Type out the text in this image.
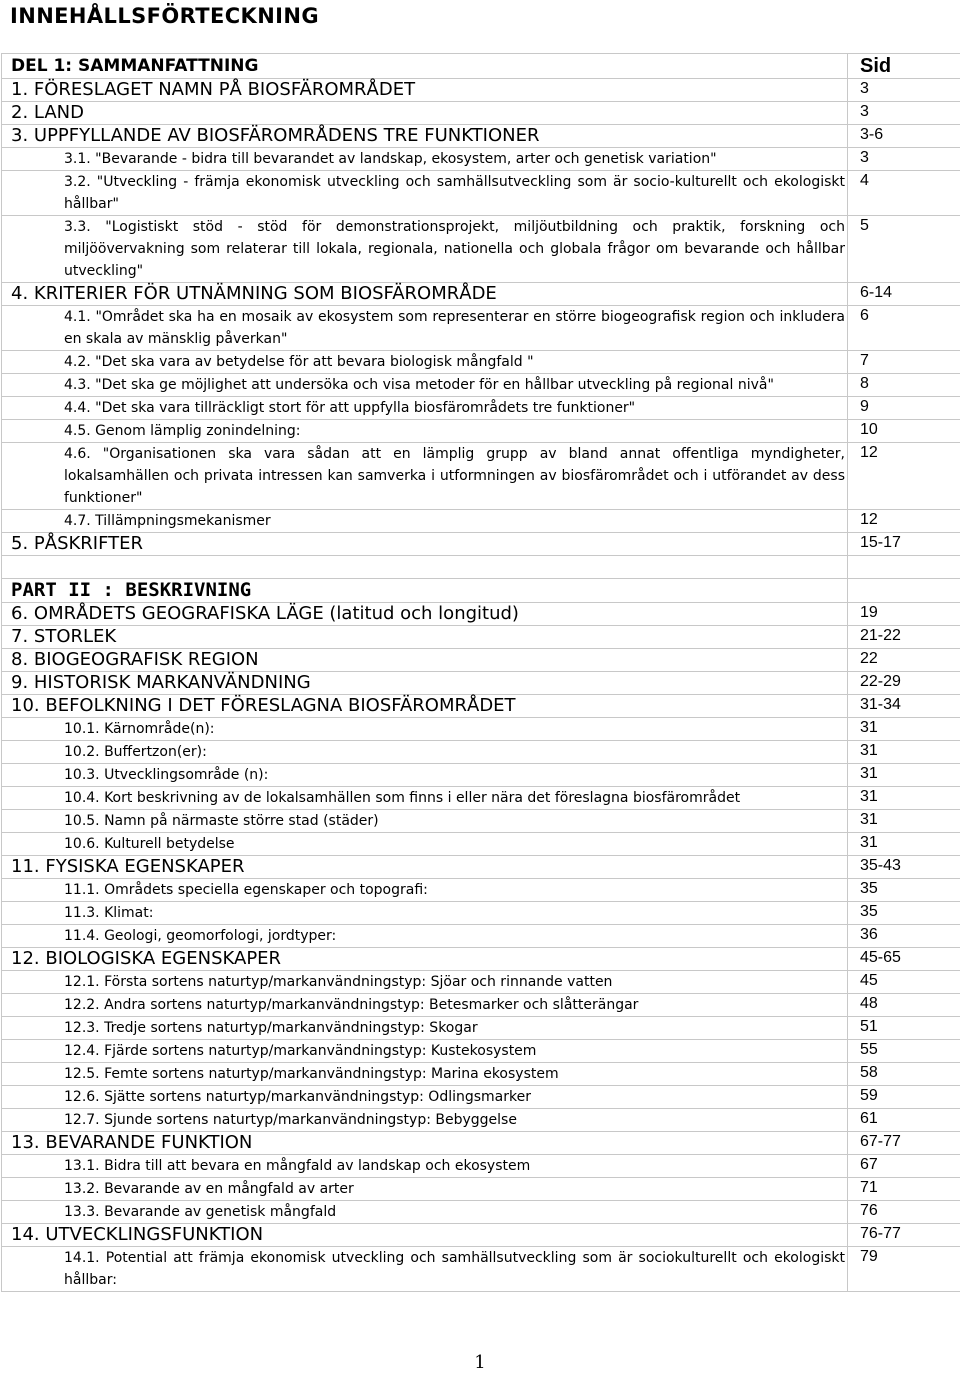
INNEHÅLLSFÖRTECKNING
DEL 1: SAMMANFATTNING	Sid
1. FÖRESLAGET NAMN PÅ BIOSFÄROMRÅDET	3
2. LAND	3
3. UPPFYLLANDE AV BIOSFÄROMRÅDENS TRE FUNKTIONER	3-6
3.1. "Bevarande - bidra till bevarandet av landskap, ekosystem, arter och genetisk variation"	3
3.2. "Utveckling - främja ekonomisk utveckling och samhällsutveckling som är socio-kulturellt och ekologiskt hållbar"	4
3.3. "Logistiskt stöd - stöd för demonstrationsprojekt, miljöutbildning och praktik, forskning och miljöövervakning som relaterar till lokala, regionala, nationella och globala frågor om bevarande och hållbar utveckling"	5
4. KRITERIER FÖR UTNÄMNING SOM BIOSFÄROMRÅDE	6-14
4.1. "Området ska ha en mosaik av ekosystem som representerar en större biogeografisk region och inkludera en skala av mänsklig påverkan"	6
4.2. "Det ska vara av betydelse för att bevara biologisk mångfald "	7
4.3. "Det ska ge möjlighet att undersöka och visa metoder för en hållbar utveckling på regional nivå"	8
4.4. "Det ska vara tillräckligt stort för att uppfylla biosfärområdets tre funktioner"	9
4.5. Genom lämplig zonindelning:	10
4.6. "Organisationen ska vara sådan att en lämplig grupp av bland annat offentliga myndigheter, lokalsamhällen och privata intressen kan samverka i utformningen av biosfärområdet och i utförandet av dess funktioner"	12
4.7. Tillämpningsmekanismer	12
5. PÅSKRIFTER	15-17

PART II : BESKRIVNING	
6. OMRÅDETS GEOGRAFISKA LÄGE (latitud och longitud)	19
7. STORLEK	21-22
8. BIOGEOGRAFISK REGION	22
9. HISTORISK MARKANVÄNDNING	22-29
10. BEFOLKNING I DET FÖRESLAGNA BIOSFÄROMRÅDET	31-34
10.1. Kärnområde(n):	31
10.2. Buffertzon(er):	31
10.3. Utvecklingsområde (n):	31
10.4. Kort beskrivning av de lokalsamhällen som finns i eller nära det föreslagna biosfärområdet	31
10.5. Namn på närmaste större stad (städer)	31
10.6. Kulturell betydelse	31
11. FYSISKA EGENSKAPER	35-43
11.1. Områdets speciella egenskaper och topografi:	35
11.3. Klimat:	35
11.4. Geologi, geomorfologi, jordtyper:	36
12. BIOLOGISKA EGENSKAPER	45-65
12.1. Första sortens naturtyp/markanvändningstyp: Sjöar och rinnande vatten	45
12.2. Andra sortens naturtyp/markanvändningstyp: Betesmarker och slåtterängar	48
12.3. Tredje sortens naturtyp/markanvändningstyp: Skogar	51
12.4. Fjärde sortens naturtyp/markanvändningstyp: Kustekosystem	55
12.5. Femte sortens naturtyp/markanvändningstyp: Marina ekosystem	58
12.6. Sjätte sortens naturtyp/markanvändningstyp: Odlingsmarker	59
12.7. Sjunde sortens naturtyp/markanvändningstyp: Bebyggelse	61
13. BEVARANDE FUNKTION	67-77
13.1. Bidra till att bevara en mångfald av landskap och ekosystem	67
13.2. Bevarande av en mångfald av arter	71
13.3. Bevarande av genetisk mångfald	76
14. UTVECKLINGSFUNKTION	76-77
14.1. Potential att främja ekonomisk utveckling och samhällsutveckling som är sociokulturellt och ekologiskt hållbar:	79
1
